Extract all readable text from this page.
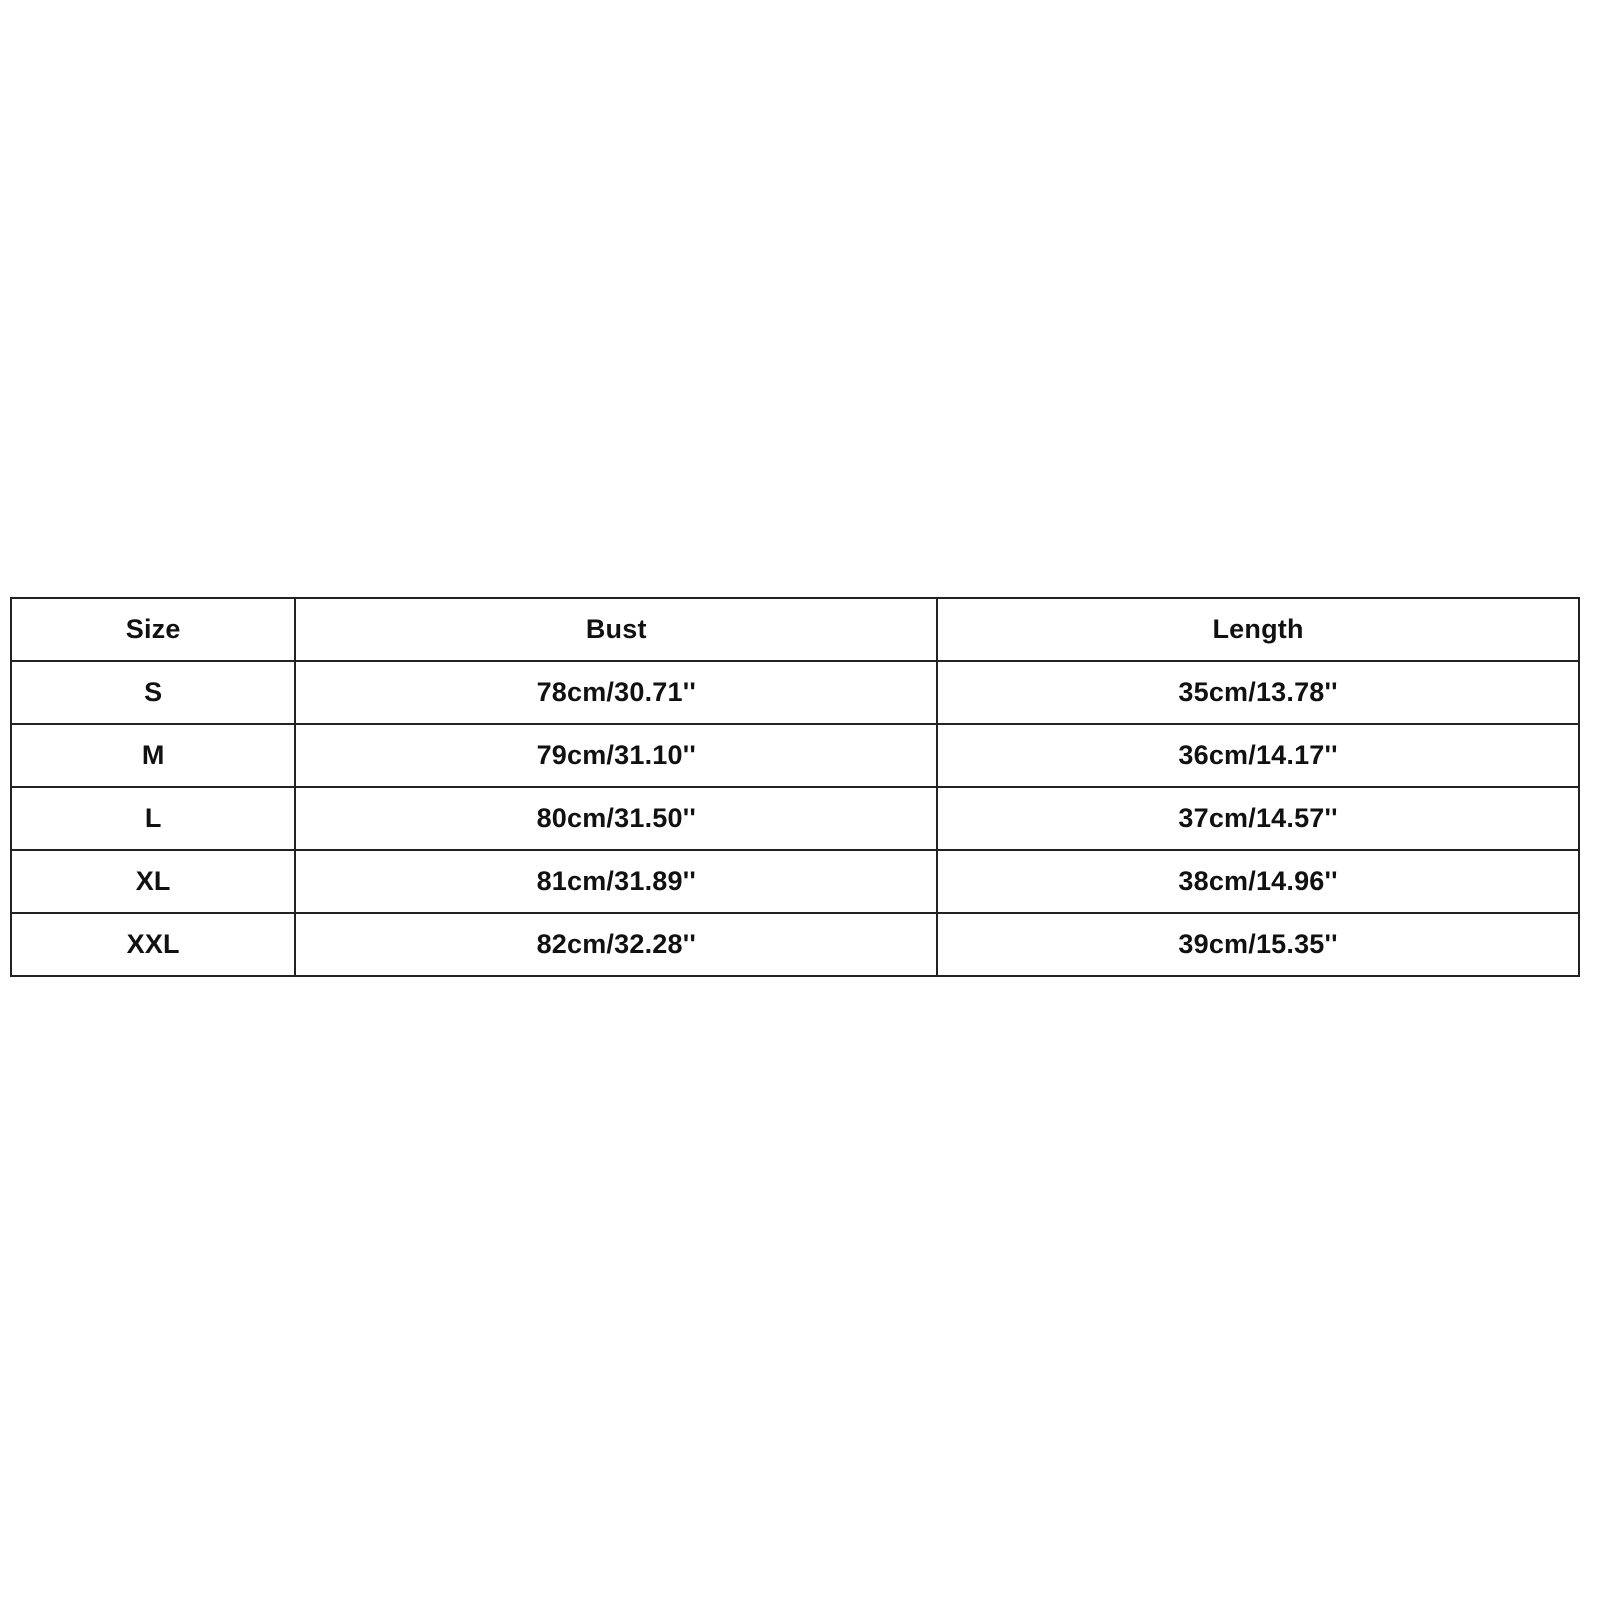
Size	Bust	Length
S	78cm/30.71''	35cm/13.78''
M	79cm/31.10''	36cm/14.17''
L	80cm/31.50''	37cm/14.57''
XL	81cm/31.89''	38cm/14.96''
XXL	82cm/32.28''	39cm/15.35''
